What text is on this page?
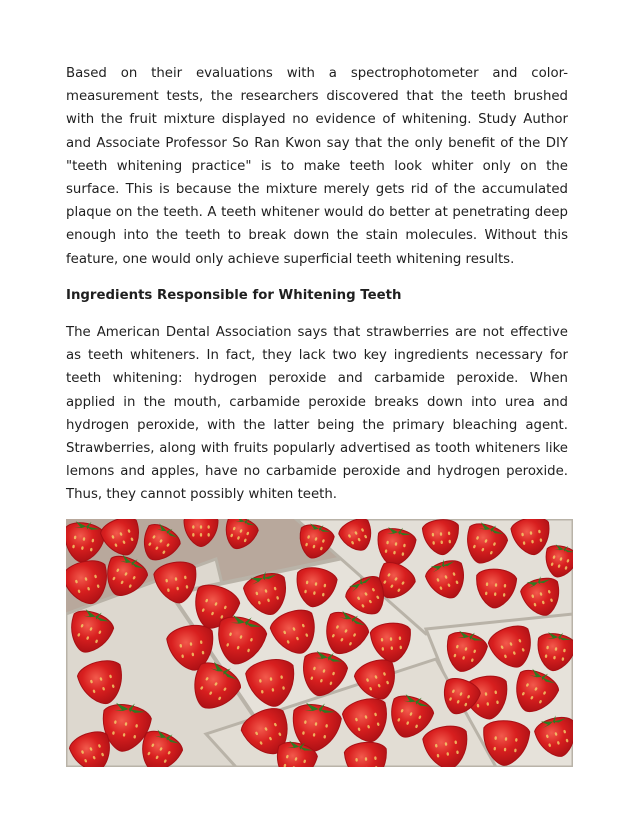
Based on their evaluations with a spectrophotometer and color-measurement tests, the researchers discovered that the teeth brushed with the fruit mixture displayed no evidence of whitening. Study Author and Associate Professor So Ran Kwon say that the only benefit of the DIY "teeth whitening practice" is to make teeth look whiter only on the surface. This is because the mixture merely gets rid of the accumulated plaque on the teeth. A teeth whitener would do better at penetrating deep enough into the teeth to break down the stain molecules. Without this feature, one would only achieve superficial teeth whitening results.

Ingredients Responsible for Whitening Teeth

The American Dental Association says that strawberries are not effective as teeth whiteners. In fact, they lack two key ingredients necessary for teeth whitening: hydrogen peroxide and carbamide peroxide. When applied in the mouth, carbamide peroxide breaks down into urea and hydrogen peroxide, with the latter being the primary bleaching agent. Strawberries, along with fruits popularly advertised as tooth whiteners like lemons and apples, have no carbamide peroxide and hydrogen peroxide. Thus, they cannot possibly whiten teeth.
